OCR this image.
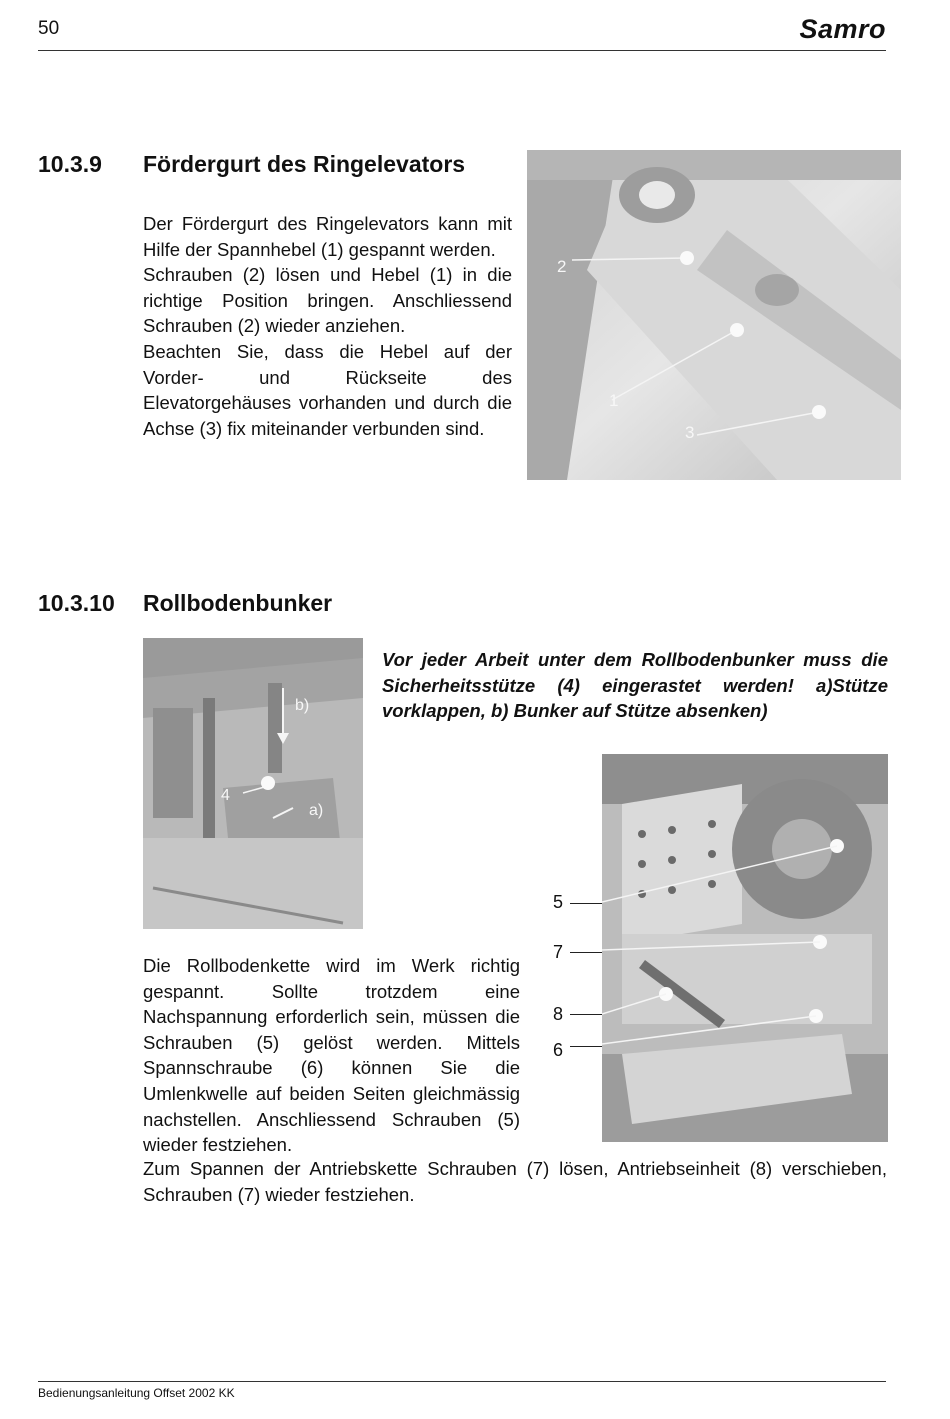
50	Samro
10.3.9 Fördergurt des Ringelevators

Der Fördergurt des Ringelevators kann mit Hilfe der Spannhebel (1) gespannt werden.

Schrauben (2) lösen und Hebel (1) in die richtige Position bringen. Anschliessend Schrauben (2) wieder anziehen.

Beachten Sie, dass die Hebel auf der Vorder- und Rückseite des Elevatorgehäuses vorhanden und durch die Achse (3) fix miteinander verbunden sind.

2
1
3
10.3.10 Rollbodenbunker
4
a)
b)
Vor jeder Arbeit unter dem Rollbodenbunker muss die Sicherheitsstütze (4) eingerastet werden! a)Stütze vorklappen, b) Bunker auf Stütze absenken)
5
7
8
6
Die Rollbodenkette wird im Werk richtig gespannt. Sollte trotzdem eine Nachspannung erforderlich sein, müssen die Schrauben (5) gelöst werden. Mittels Spannschraube (6) können Sie die Umlenkwelle auf beiden Seiten gleichmässig nachstellen. Anschliessend Schrauben (5) wieder festziehen.
Zum Spannen der Antriebskette Schrauben (7) lösen, Antriebseinheit (8) verschieben, Schrauben (7) wieder festziehen.
Bedienungsanleitung Offset 2002 KK
